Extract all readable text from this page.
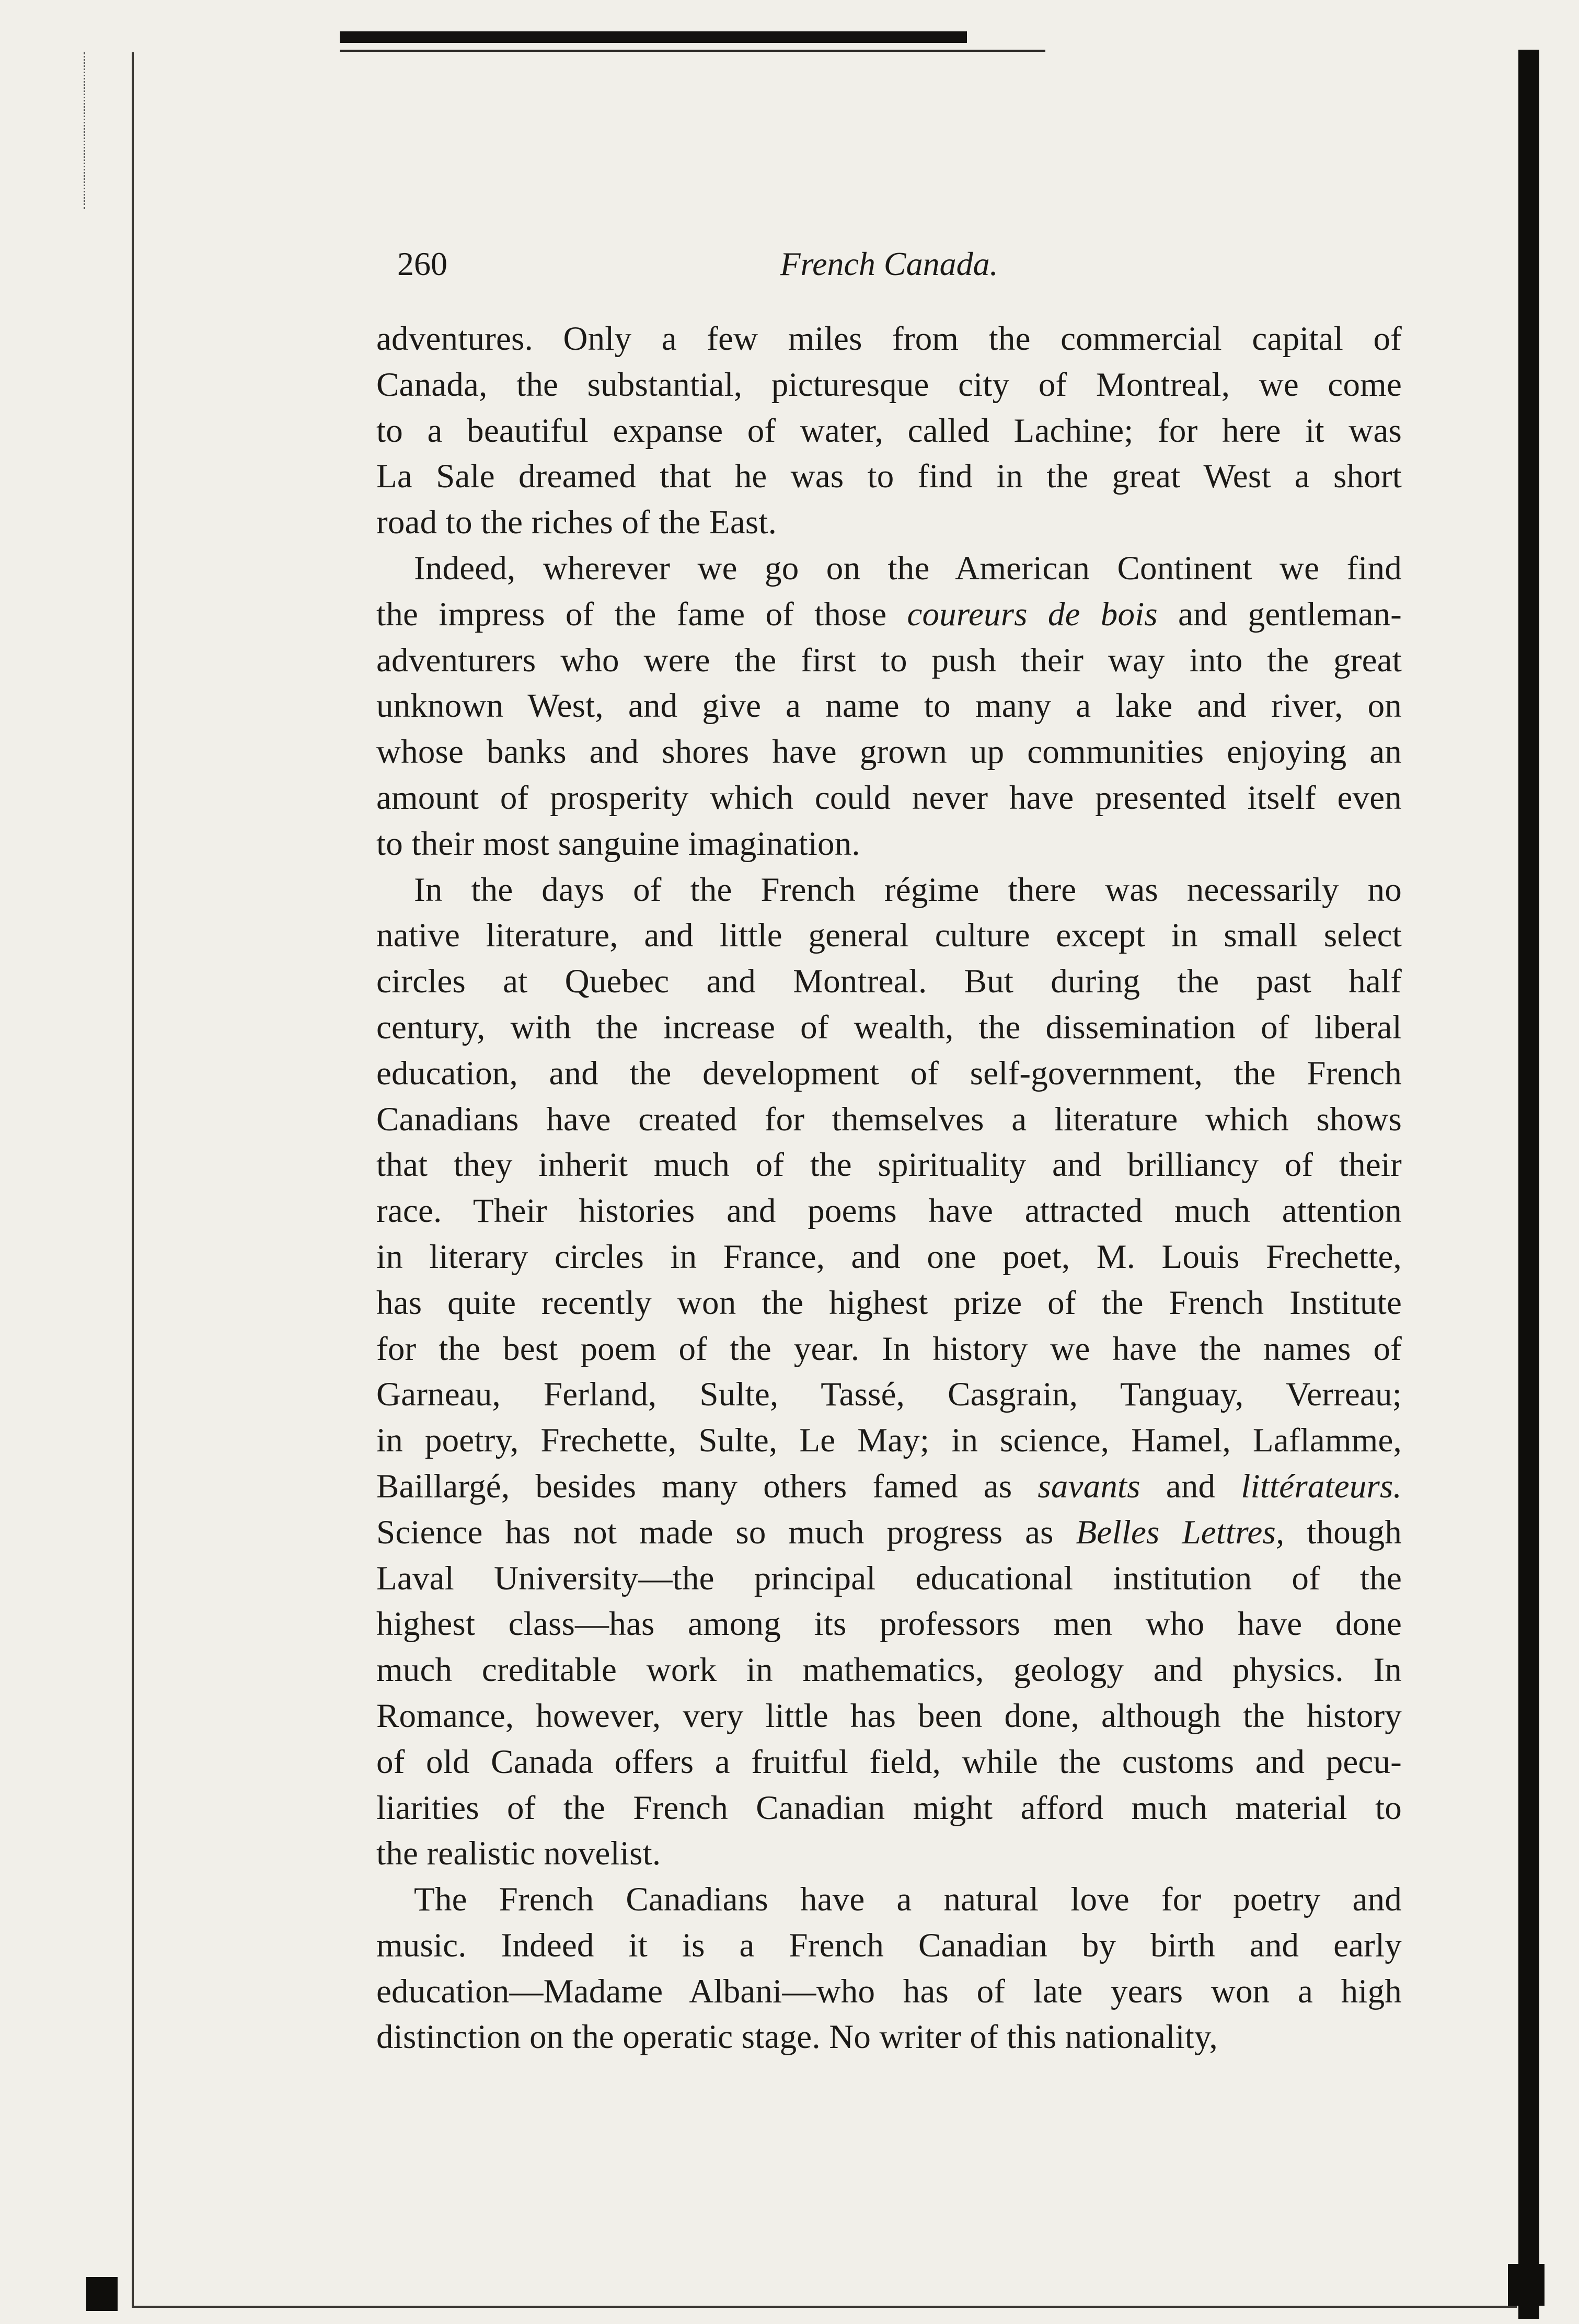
260	French Canada.

adventures. Only a few miles from the commercial capital of
Canada, the substantial, picturesque city of Montreal, we come
to a beautiful expanse of water, called Lachine; for here it was
La Sale dreamed that he was to find in the great West a short
road to the riches of the East.

Indeed, wherever we go on the American Continent we find
the impress of the fame of those coureurs de bois and gentleman-
adventurers who were the first to push their way into the great
unknown West, and give a name to many a lake and river, on
whose banks and shores have grown up communities enjoying an
amount of prosperity which could never have presented itself even
to their most sanguine imagination.

In the days of the French régime there was necessarily no
native literature, and little general culture except in small select
circles at Quebec and Montreal. But during the past half
century, with the increase of wealth, the dissemination of liberal
education, and the development of self-government, the French
Canadians have created for themselves a literature which shows
that they inherit much of the spirituality and brilliancy of their
race. Their histories and poems have attracted much attention
in literary circles in France, and one poet, M. Louis Frechette,
has quite recently won the highest prize of the French Institute
for the best poem of the year. In history we have the names of
Garneau, Ferland, Sulte, Tassé, Casgrain, Tanguay, Verreau;
in poetry, Frechette, Sulte, Le May; in science, Hamel, Laflamme,
Baillargé, besides many others famed as savants and littérateurs.
Science has not made so much progress as Belles Lettres, though
Laval University—the principal educational institution of the
highest class—has among its professors men who have done
much creditable work in mathematics, geology and physics. In
Romance, however, very little has been done, although the history
of old Canada offers a fruitful field, while the customs and pecu-
liarities of the French Canadian might afford much material to
the realistic novelist.

The French Canadians have a natural love for poetry and
music. Indeed it is a French Canadian by birth and early
education—Madame Albani—who has of late years won a high
distinction on the operatic stage. No writer of this nationality,
